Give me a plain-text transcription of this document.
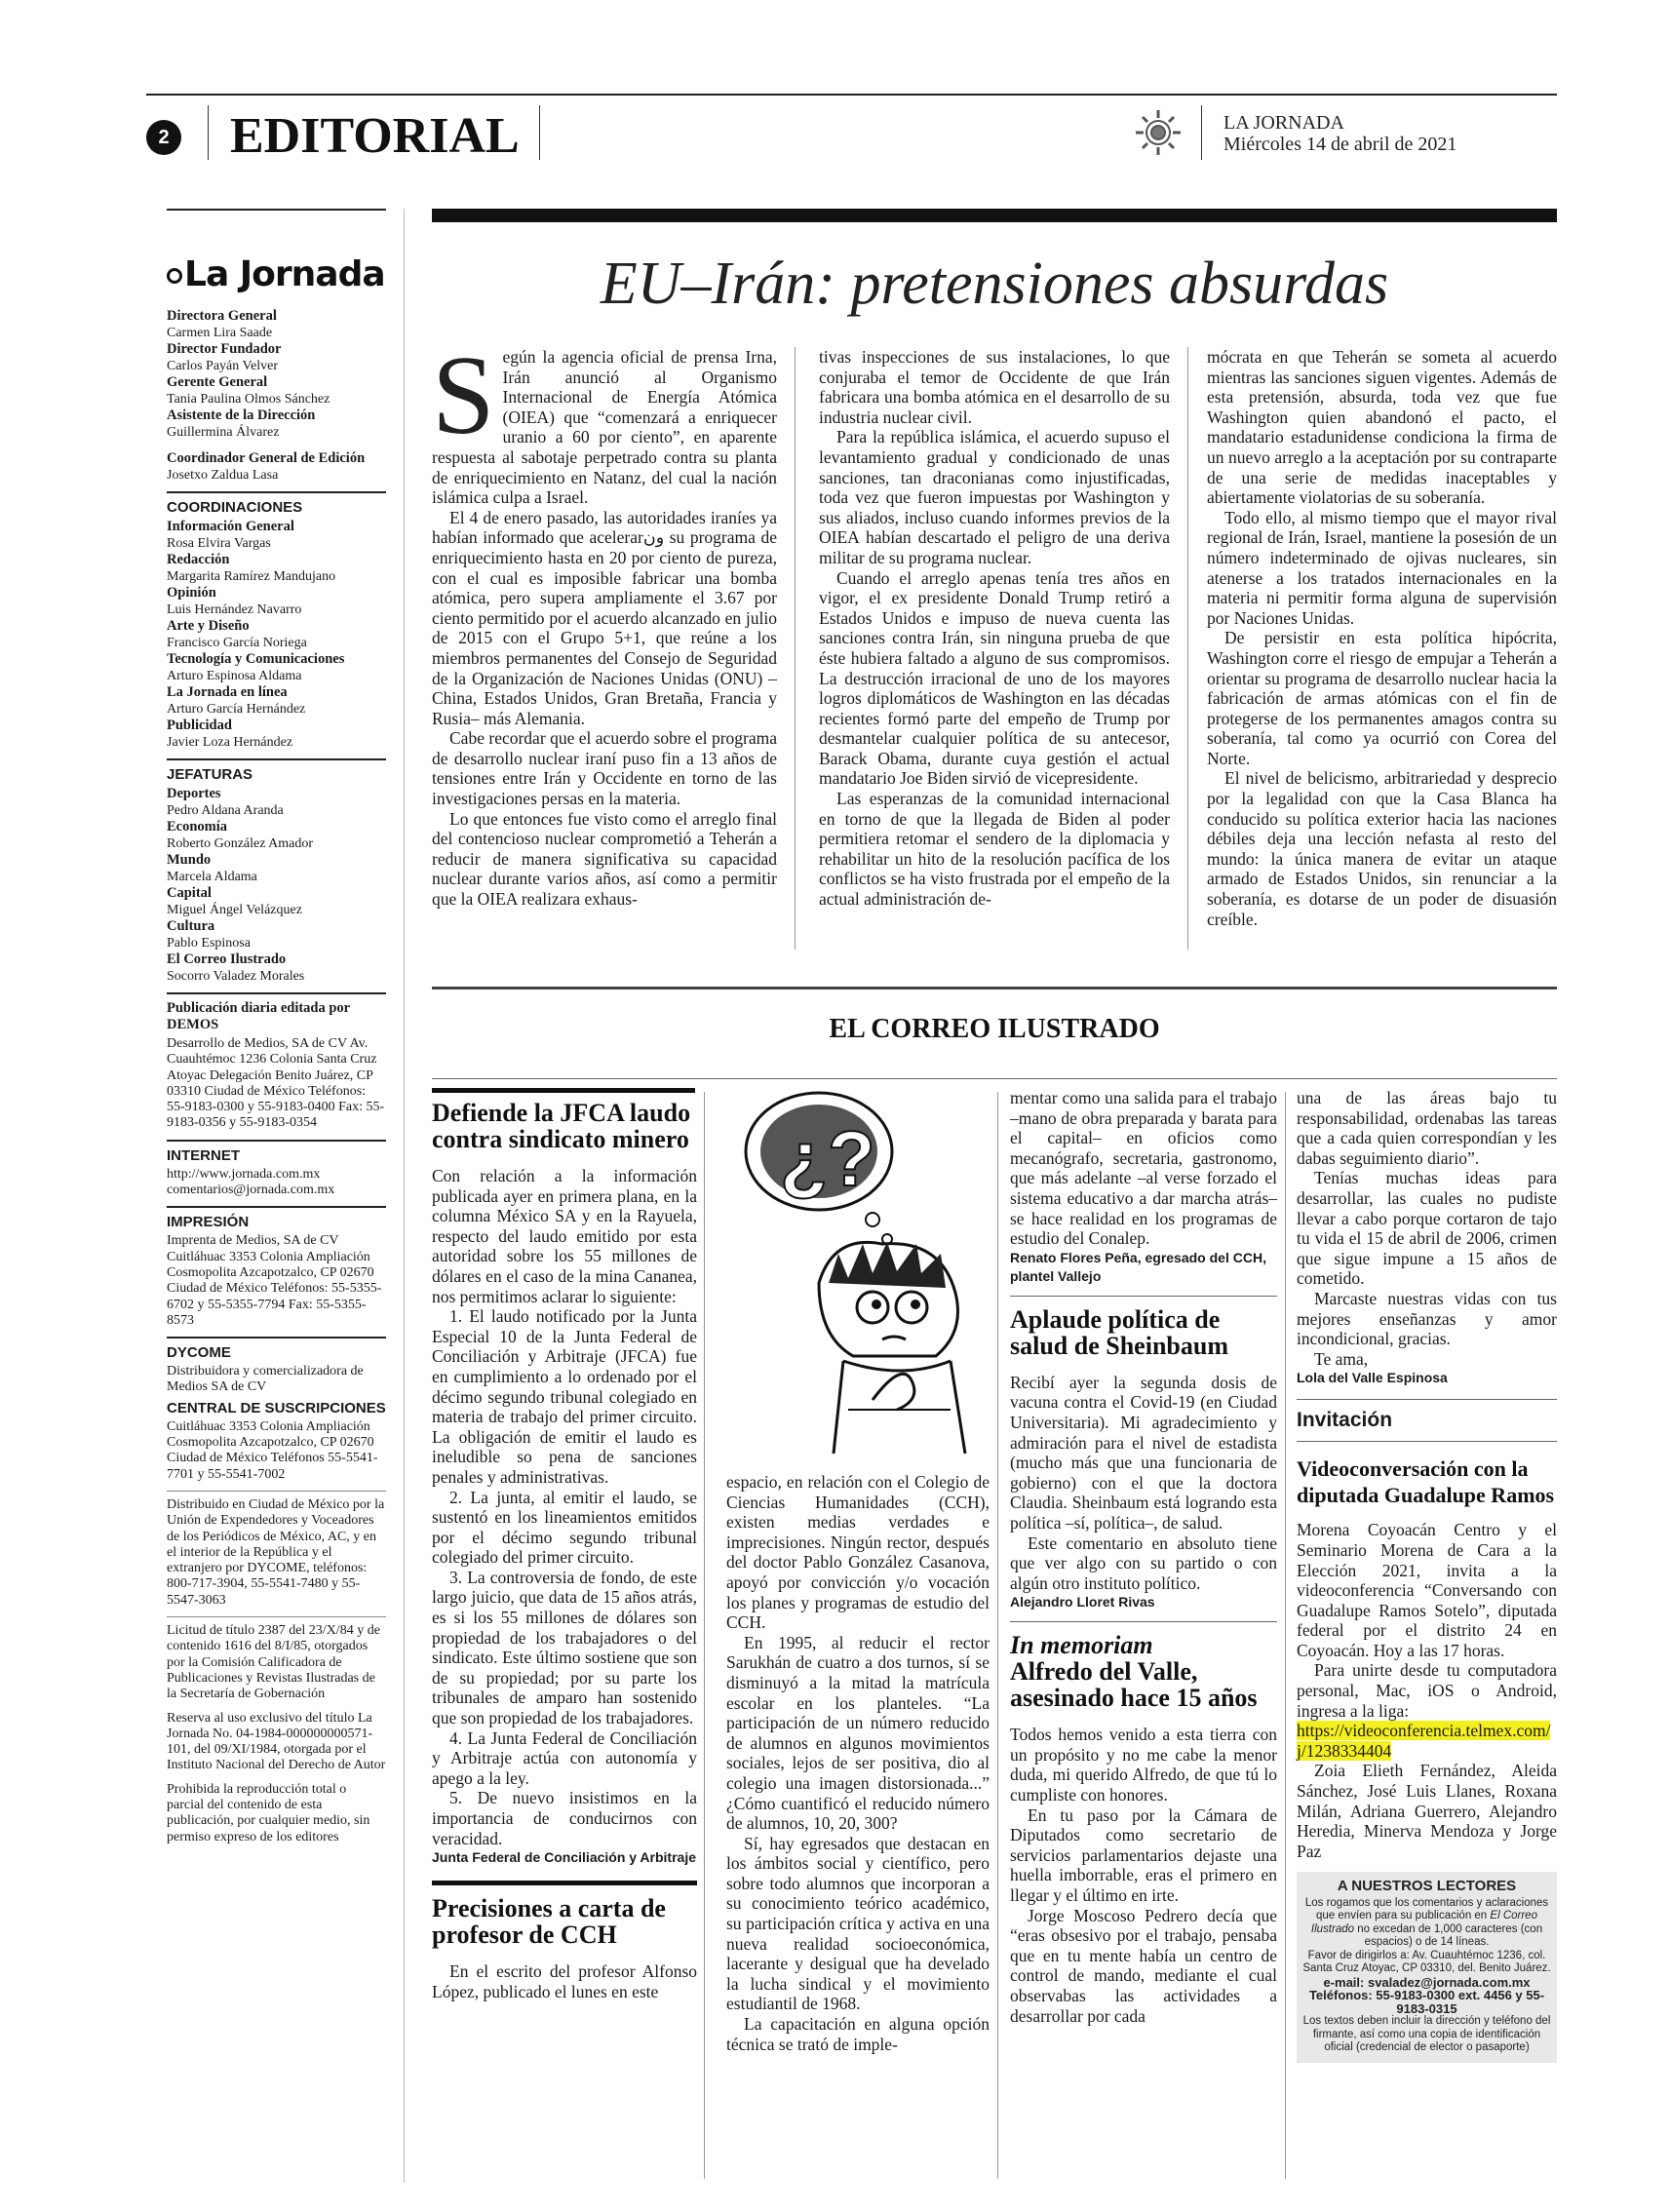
2 EDITORIAL	LA JORNADA
Miércoles 14 de abril de 2021
La Jornada
Directora General
Carmen Lira Saade
Director Fundador
Carlos Payán Velver
Gerente General
Tania Paulina Olmos Sánchez
Asistente de la Dirección
Guillermina Álvarez
Coordinador General de Edición
Josetxo Zaldua Lasa
COORDINACIONES
Información General
Rosa Elvira Vargas
Redacción
Margarita Ramírez Mandujano
Opinión
Luis Hernández Navarro
Arte y Diseño
Francisco García Noriega
Tecnología y Comunicaciones
Arturo Espinosa Aldama
La Jornada en línea
Arturo García Hernández
Publicidad
Javier Loza Hernández
JEFATURAS
Deportes
Pedro Aldana Aranda
Economía
Roberto González Amador
Mundo
Marcela Aldama
Capital
Miguel Ángel Velázquez
Cultura
Pablo Espinosa
El Correo Ilustrado
Socorro Valadez Morales
Publicación diaria editada por DEMOS
Desarrollo de Medios, SA de CV Av. Cuauhtémoc 1236 Colonia Santa Cruz Atoyac Delegación Benito Juárez, CP 03310 Ciudad de México Teléfonos: 55-9183-0300 y 55-9183-0400 Fax: 55-9183-0356 y 55-9183-0354
INTERNET
http://www.jornada.com.mx comentarios@jornada.com.mx
IMPRESIÓN
Imprenta de Medios, SA de CV Cuitláhuac 3353 Colonia Ampliación Cosmopolita Azcapotzalco, CP 02670 Ciudad de México Teléfonos: 55-5355-6702 y 55-5355-7794 Fax: 55-5355-8573
DYCOME
Distribuidora y comercializadora de Medios SA de CV
CENTRAL DE SUSCRIPCIONES
Cuitláhuac 3353 Colonia Ampliación Cosmopolita Azcapotzalco, CP 02670 Ciudad de México Teléfonos 55-5541-7701 y 55-5541-7002
Distribuido en Ciudad de México por la Unión de Expendedores y Voceadores de los Periódicos de México, AC, y en el interior de la República y el extranjero por DYCOME, teléfonos: 800-717-3904, 55-5541-7480 y 55-5547-3063
Licitud de título 2387 del 23/X/84 y de contenido 1616 del 8/I/85, otorgados por la Comisión Calificadora de Publicaciones y Revistas Ilustradas de la Secretaría de Gobernación
Reserva al uso exclusivo del título La Jornada No. 04-1984-000000000571-101, del 09/XI/1984, otorgada por el Instituto Nacional del Derecho de Autor
Prohibida la reproducción total o parcial del contenido de esta publicación, por cualquier medio, sin permiso expreso de los editores
EU–Irán: pretensiones absurdas
S egún la agencia oficial de prensa Irna, Irán anunció al Organismo Internacional de Energía Atómica (OIEA) que “comenzará a enriquecer uranio a 60 por ciento”, en aparente respuesta al sabotaje perpetrado contra su planta de enriquecimiento en Natanz, del cual la nación islámica culpa a Israel.

El 4 de enero pasado, las autoridades iraníes ya habían informado que acelerarون su programa de enriquecimiento hasta en 20 por ciento de pureza, con el cual es imposible fabricar una bomba atómica, pero supera ampliamente el 3.67 por ciento permitido por el acuerdo alcanzado en julio de 2015 con el Grupo 5+1, que reúne a los miembros permanentes del Consejo de Seguridad de la Organización de Naciones Unidas (ONU) –China, Estados Unidos, Gran Bretaña, Francia y Rusia– más Alemania.

Cabe recordar que el acuerdo sobre el programa de desarrollo nuclear iraní puso fin a 13 años de tensiones entre Irán y Occidente en torno de las investigaciones persas en la materia.

Lo que entonces fue visto como el arreglo final del contencioso nuclear comprometió a Teherán a reducir de manera significativa su capacidad nuclear durante varios años, así como a permitir que la OIEA realizara exhaus-

tivas inspecciones de sus instalaciones, lo que conjuraba el temor de Occidente de que Irán fabricara una bomba atómica en el desarrollo de su industria nuclear civil.

Para la república islámica, el acuerdo supuso el levantamiento gradual y condicionado de unas sanciones, tan draconianas como injustificadas, toda vez que fueron impuestas por Washington y sus aliados, incluso cuando informes previos de la OIEA habían descartado el peligro de una deriva militar de su programa nuclear.

Cuando el arreglo apenas tenía tres años en vigor, el ex presidente Donald Trump retiró a Estados Unidos e impuso de nueva cuenta las sanciones contra Irán, sin ninguna prueba de que éste hubiera faltado a alguno de sus compromisos. La destrucción irracional de uno de los mayores logros diplomáticos de Washington en las décadas recientes formó parte del empeño de Trump por desmantelar cualquier política de su antecesor, Barack Obama, durante cuya gestión el actual mandatario Joe Biden sirvió de vicepresidente.

Las esperanzas de la comunidad internacional en torno de que la llegada de Biden al poder permitiera retomar el sendero de la diplomacia y rehabilitar un hito de la resolución pacífica de los conflictos se ha visto frustrada por el empeño de la actual administración de-

mócrata en que Teherán se someta al acuerdo mientras las sanciones siguen vigentes. Además de esta pretensión, absurda, toda vez que fue Washington quien abandonó el pacto, el mandatario estadunidense condiciona la firma de un nuevo arreglo a la aceptación por su contraparte de una serie de medidas inaceptables y abiertamente violatorias de su soberanía.

Todo ello, al mismo tiempo que el mayor rival regional de Irán, Israel, mantiene la posesión de un número indeterminado de ojivas nucleares, sin atenerse a los tratados internacionales en la materia ni permitir forma alguna de supervisión por Naciones Unidas.

De persistir en esta política hipócrita, Washington corre el riesgo de empujar a Teherán a orientar su programa de desarrollo nuclear hacia la fabricación de armas atómicas con el fin de protegerse de los permanentes amagos contra su soberanía, tal como ya ocurrió con Corea del Norte.

El nivel de belicismo, arbitrariedad y desprecio por la legalidad con que la Casa Blanca ha conducido su política exterior hacia las naciones débiles deja una lección nefasta al resto del mundo: la única manera de evitar un ataque armado de Estados Unidos, sin renunciar a la soberanía, es dotarse de un poder de disuasión creíble.

EL CORREO ILUSTRADO
Defiende la JFCA laudo contra sindicato minero

Con relación a la información publicada ayer en primera plana, en la columna México SA y en la Rayuela, respecto del laudo emitido por esta autoridad sobre los 55 millones de dólares en el caso de la mina Cananea, nos permitimos aclarar lo siguiente:

1. El laudo notificado por la Junta Especial 10 de la Junta Federal de Conciliación y Arbitraje (JFCA) fue en cumplimiento a lo ordenado por el décimo segundo tribunal colegiado en materia de trabajo del primer circuito. La obligación de emitir el laudo es ineludible so pena de sanciones penales y administrativas.

2. La junta, al emitir el laudo, se sustentó en los lineamientos emitidos por el décimo segundo tribunal colegiado del primer circuito.

3. La controversia de fondo, de este largo juicio, que data de 15 años atrás, es si los 55 millones de dólares son propiedad de los trabajadores o del sindicato. Este último sostiene que son de su propiedad; por su parte los tribunales de amparo han sostenido que son propiedad de los trabajadores.

4. La Junta Federal de Conciliación y Arbitraje actúa con autonomía y apego a la ley.

5. De nuevo insistimos en la importancia de conducirnos con veracidad.

Junta Federal de Conciliación y Arbitraje
Precisiones a carta de profesor de CCH

En el escrito del profesor Alfonso López, publicado el lunes en este

¿?

espacio, en relación con el Colegio de Ciencias Humanidades (CCH), existen medias verdades e imprecisiones. Ningún rector, después del doctor Pablo González Casanova, apoyó por convicción y/o vocación los planes y programas de estudio del CCH.

En 1995, al reducir el rector Sarukhán de cuatro a dos turnos, sí se disminuyó a la mitad la matrícula escolar en los planteles. “La participación de un número reducido de alumnos en algunos movimientos sociales, lejos de ser positiva, dio al colegio una imagen distorsionada...” ¿Cómo cuantificó el reducido número de alumnos, 10, 20, 300?

Sí, hay egresados que destacan en los ámbitos social y científico, pero sobre todo alumnos que incorporan a su conocimiento teórico académico, su participación crítica y activa en una nueva realidad socioeconómica, lacerante y desigual que ha develado la lucha sindical y el movimiento estudiantil de 1968.

La capacitación en alguna opción técnica se trató de imple-

mentar como una salida para el trabajo –mano de obra preparada y barata para el capital– en oficios como mecanógrafo, secretaria, gastronomo, que más adelante –al verse forzado el sistema educativo a dar marcha atrás– se hace realidad en los programas de estudio del Conalep.

Renato Flores Peña, egresado del CCH, plantel Vallejo
Aplaude política de salud de Sheinbaum

Recibí ayer la segunda dosis de vacuna contra el Covid-19 (en Ciudad Universitaria). Mi agradecimiento y admiración para el nivel de estadista (mucho más que una funcionaria de gobierno) con el que la doctora Claudia. Sheinbaum está logrando esta política –sí, política–, de salud.

Este comentario en absoluto tiene que ver algo con su partido o con algún otro instituto político.

Alejandro Lloret Rivas
In memoriam
Alfredo del Valle, asesinado hace 15 años

Todos hemos venido a esta tierra con un propósito y no me cabe la menor duda, mi querido Alfredo, de que tú lo cumpliste con honores.

En tu paso por la Cámara de Diputados como secretario de servicios parlamentarios dejaste una huella imborrable, eras el primero en llegar y el último en irte.

Jorge Moscoso Pedrero decía que “eras obsesivo por el trabajo, pensaba que en tu mente había un centro de control de mando, mediante el cual observabas las actividades a desarrollar por cada

una de las áreas bajo tu responsabilidad, ordenabas las tareas que a cada quien correspondían y les dabas seguimiento diario”.

Tenías muchas ideas para desarrollar, las cuales no pudiste llevar a cabo porque cortaron de tajo tu vida el 15 de abril de 2006, crimen que sigue impune a 15 años de cometido.

Marcaste nuestras vidas con tus mejores enseñanzas y amor incondicional, gracias.

Te ama,

Lola del Valle Espinosa
Invitación
Videoconversación con la diputada Guadalupe Ramos

Morena Coyoacán Centro y el Seminario Morena de Cara a la Elección 2021, invita a la videoconferencia “Conversando con Guadalupe Ramos Sotelo”, diputada federal por el distrito 24 en Coyoacán. Hoy a las 17 horas.

Para unirte desde tu computadora personal, Mac, iOS o Android, ingresa a la liga:

https://videoconferencia.telmex.com/j/1238334404

Zoia Elieth Fernández, Aleida Sánchez, José Luis Llanes, Roxana Milán, Adriana Guerrero, Alejandro Heredia, Minerva Mendoza y Jorge Paz

A NUESTROS LECTORES
Los rogamos que los comentarios y aclaraciones que envíen para su publicación en El Correo Ilustrado no excedan de 1,000 caracteres (con espacios) o de 14 líneas.
Favor de dirigirlos a: Av. Cuauhtémoc 1236, col. Santa Cruz Atoyac, CP 03310, del. Benito Juárez.
e-mail: svaladez@jornada.com.mx
Teléfonos: 55-9183-0300 ext. 4456 y 55-9183-0315
Los textos deben incluir la dirección y teléfono del firmante, así como una copia de identificación oficial (credencial de elector o pasaporte)
